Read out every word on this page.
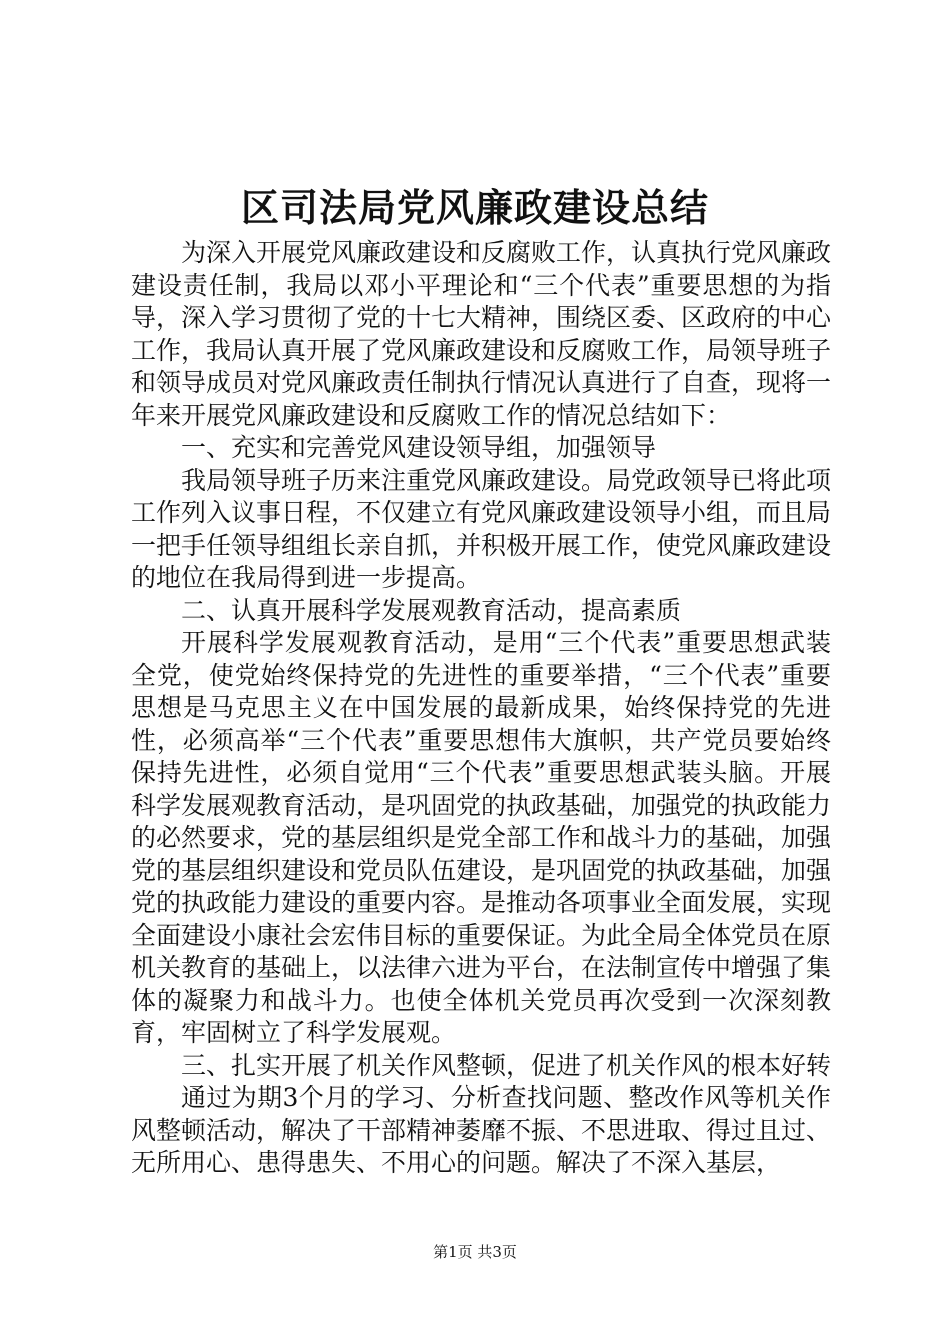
区司法局党风廉政建设总结

为深入开展党风廉政建设和反腐败工作，认真执行党风廉政建设责任制，我局以邓小平理论和“三个代表”重要思想的为指导，深入学习贯彻了党的十七大精神，围绕区委、区政府的中心工作，我局认真开展了党风廉政建设和反腐败工作，局领导班子和领导成员对党风廉政责任制执行情况认真进行了自查，现将一年来开展党风廉政建设和反腐败工作的情况总结如下：

一、充实和完善党风建设领导组，加强领导

我局领导班子历来注重党风廉政建设。局党政领导已将此项工作列入议事日程，不仅建立有党风廉政建设领导小组，而且局一把手任领导组组长亲自抓，并积极开展工作，使党风廉政建设的地位在我局得到进一步提高。

二、认真开展科学发展观教育活动，提高素质

开展科学发展观教育活动，是用“三个代表”重要思想武装全党，使党始终保持党的先进性的重要举措，“三个代表”重要思想是马克思主义在中国发展的最新成果，始终保持党的先进性，必须高举“三个代表”重要思想伟大旗帜，共产党员要始终保持先进性，必须自觉用“三个代表”重要思想武装头脑。开展科学发展观教育活动，是巩固党的执政基础，加强党的执政能力的必然要求，党的基层组织是党全部工作和战斗力的基础，加强党的基层组织建设和党员队伍建设，是巩固党的执政基础，加强党的执政能力建设的重要内容。是推动各项事业全面发展，实现全面建设小康社会宏伟目标的重要保证。为此全局全体党员在原机关教育的基础上，以法律六进为平台，在法制宣传中增强了集体的凝聚力和战斗力。也使全体机关党员再次受到一次深刻教育，牢固树立了科学发展观。

三、扎实开展了机关作风整顿，促进了机关作风的根本好转

通过为期3个月的学习、分析查找问题、整改作风等机关作风整顿活动，解决了干部精神萎靡不振、不思进取、得过且过、无所用心、患得患失、不用心的问题。解决了不深入基层，

第1页 共3页
